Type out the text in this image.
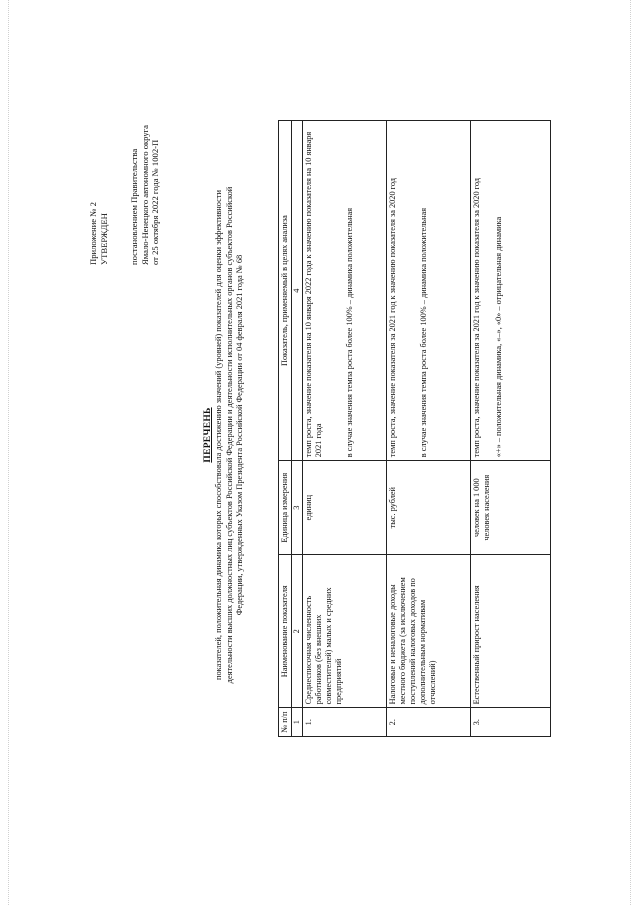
Приложение № 2 УТВЕРЖДЕН постановлением Правительства Ямало-Ненецкого автономного округа от 25 октября 2022 года № 1002-П
ПЕРЕЧЕНЬ показателей, положительная динамика которых способствовала достижению значений (уровней) показателей для оценки эффективности деятельности высших должностных лиц субъектов Российской Федерации и деятельности исполнительных органов субъектов Российской Федерации, утвержденных Указом Президента Российской Федерации от 04 февраля 2021 года № 68
№ п/п	Наименование показателя	Единица измерения	Показатель, применяемый в целях анализа
1	2	3	4
1.	Среднесписочная численность работников (без внешних совместителей) малых и средних предприятий	единиц	темп роста, значение показателя на 10 января 2022 года к значению показателя на 10 января 2021 года в случае значения темпа роста более 100% – динамика положительная

2.	Налоговые и неналоговые доходы местного бюджета (за исключением поступлений налоговых доходов по дополнительным нормативам отчислений)	тыс. рублей	темп роста, значение показателя за 2021 год к значению показателя за 2020 год в случае значения темпа роста более 100% – динамика положительная

3.	Естественный прирост населения	человек на 1 000 человек населения	темп роста, значение показателя за 2021 год к значению показателя за 2020 год «+» – положительная динамика, «–», «0» – отрицательная динамика
